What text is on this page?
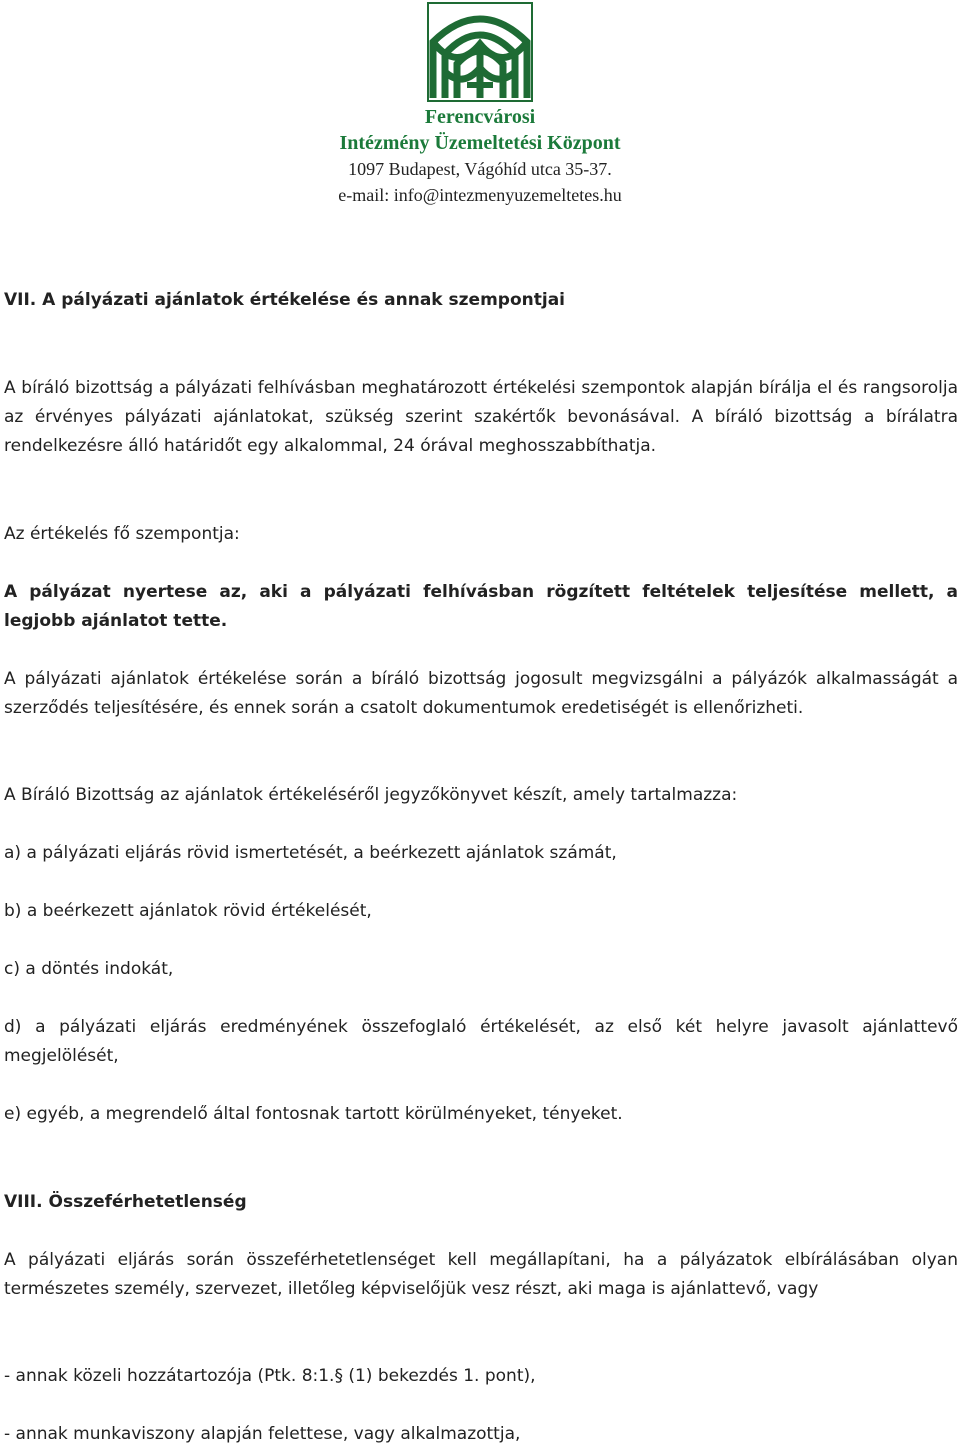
Ferencvárosi
Intézmény Üzemeltetési Központ
1097 Budapest, Vágóhíd utca 35-37.
e-mail: info@intezmenyuzemeltetes.hu
VII. A pályázati ajánlatok értékelése és annak szempontjai
A bíráló bizottság a pályázati felhívásban meghatározott értékelési szempontok alapján bírálja el és rangsorolja az érvényes pályázati ajánlatokat, szükség szerint szakértők bevonásával. A bíráló bizottság a bírálatra rendelkezésre álló határidőt egy alkalommal, 24 órával meghosszabbíthatja.
Az értékelés fő szempontja:
A pályázat nyertese az, aki a pályázati felhívásban rögzített feltételek teljesítése mellett, a legjobb ajánlatot tette.
A pályázati ajánlatok értékelése során a bíráló bizottság jogosult megvizsgálni a pályázók alkalmasságát a szerződés teljesítésére, és ennek során a csatolt dokumentumok eredetiségét is ellenőrizheti.
A Bíráló Bizottság az ajánlatok értékeléséről jegyzőkönyvet készít, amely tartalmazza:
a) a pályázati eljárás rövid ismertetését, a beérkezett ajánlatok számát,
b) a beérkezett ajánlatok rövid értékelését,
c) a döntés indokát,
d) a pályázati eljárás eredményének összefoglaló értékelését, az első két helyre javasolt ajánlattevő megjelölését,
e) egyéb, a megrendelő által fontosnak tartott körülményeket, tényeket.
VIII. Összeférhetetlenség
A pályázati eljárás során összeférhetetlenséget kell megállapítani, ha a pályázatok elbírálásában olyan természetes személy, szervezet, illetőleg képviselőjük vesz részt, aki maga is ajánlattevő, vagy
- annak közeli hozzátartozója (Ptk. 8:1.§ (1) bekezdés 1. pont),
- annak munkaviszony alapján felettese, vagy alkalmazottja,
